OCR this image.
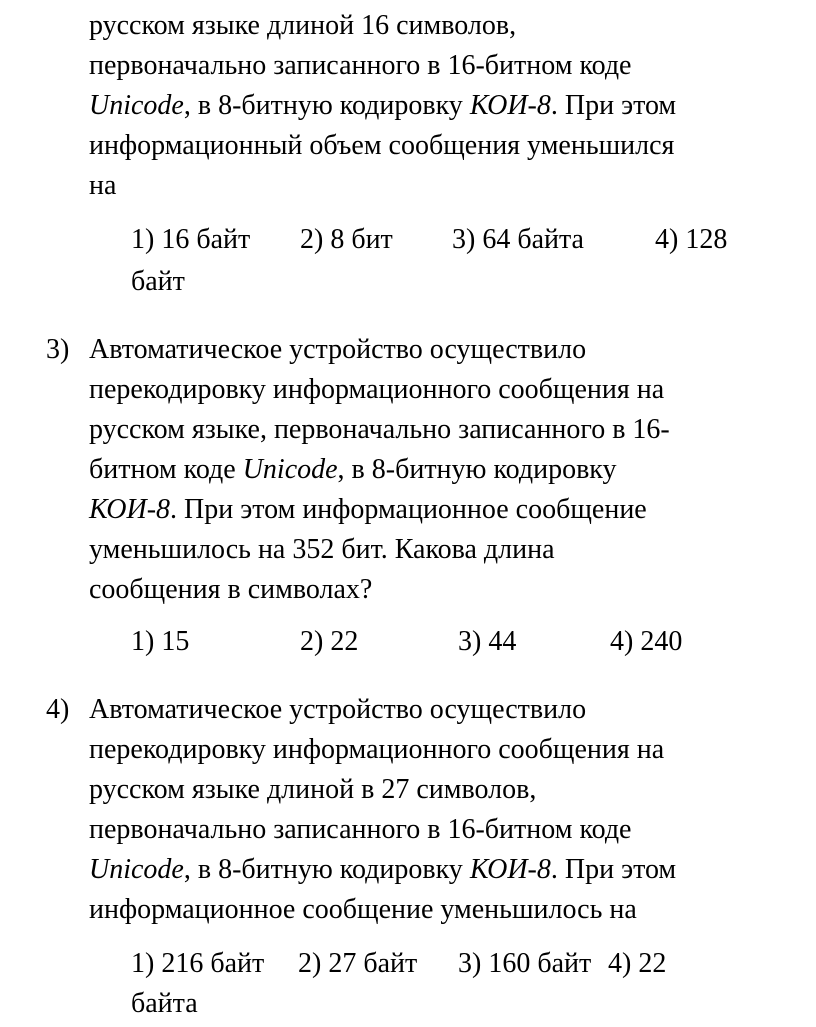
русском языке длиной 16 символов,
первоначально записанного в 16-битном коде
Unicode, в 8-битную кодировку КОИ-8. При этом
информационный объем сообщения уменьшился
на
1) 16 байт 2) 8 бит 3) 64 байта	4) 128
байт
3) Автоматическое устройство осуществило
перекодировку информационного сообщения на
русском языке, первоначально записанного в 16-
битном коде Unicode, в 8-битную кодировку
КОИ-8. При этом информационное сообщение
уменьшилось на 352 бит. Какова длина
сообщения в символах?
1) 15	2) 22	3) 44	4) 240
4) Автоматическое устройство осуществило
перекодировку информационного сообщения на
русском языке длиной в 27 символов,
первоначально записанного в 16-битном коде
Unicode, в 8-битную кодировку КОИ-8. При этом
информационное сообщение уменьшилось на
1) 216 байт 2) 27 байт 3) 160 байт 4) 22
байта
